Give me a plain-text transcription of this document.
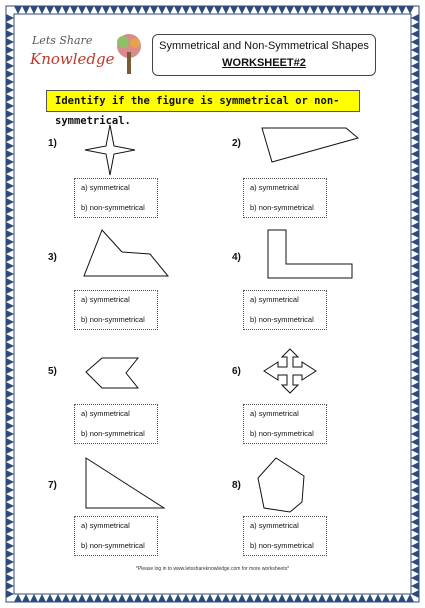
Lets Share
Knowledge
Symmetrical and Non-Symmetrical Shapes
WORKSHEET#2
Identify if the figure is symmetrical or non-symmetrical.
1)
a) symmetrical
b) non-symmetrical
2)
a) symmetrical
b) non-symmetrical
3)
a) symmetrical
b) non-symmetrical
4)
a) symmetrical
b) non-symmetrical
5)
a) symmetrical
b) non-symmetrical
6)
a) symmetrical
b) non-symmetrical
7)
a) symmetrical
b) non-symmetrical
8)
a) symmetrical
b) non-symmetrical
*Please log in to www.letsshareknowledge.com for more worksheets*
